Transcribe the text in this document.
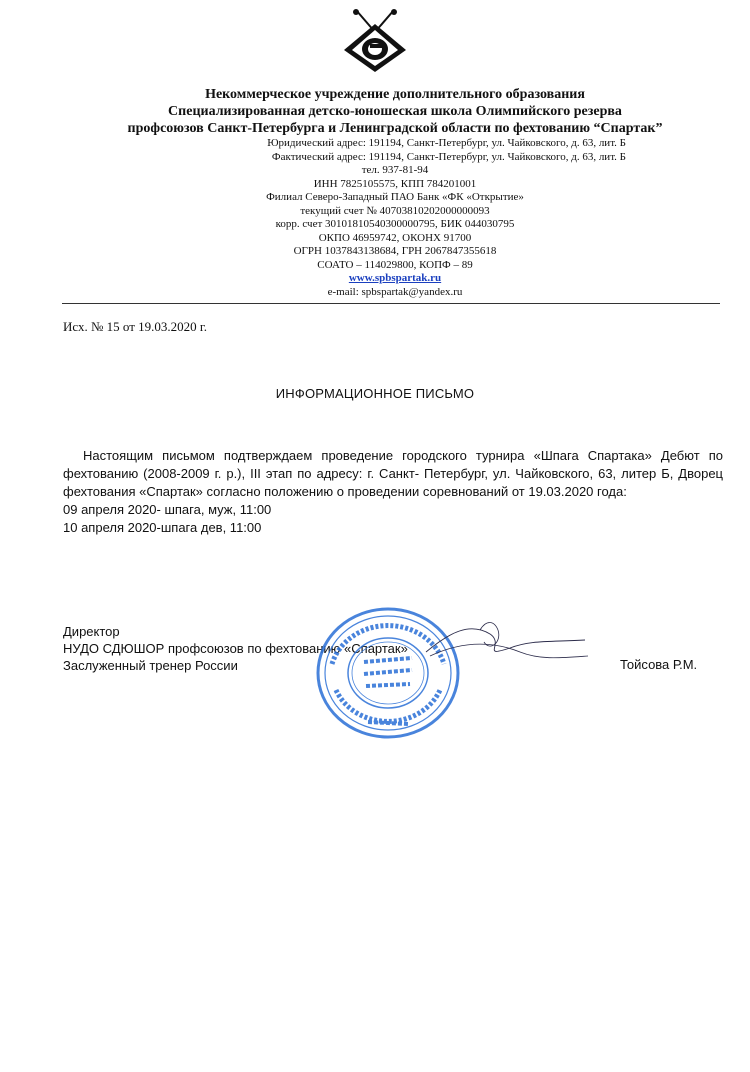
Некоммерческое учреждение дополнительного образования
Специализированная детско-юношеская школа Олимпийского резерва
профсоюзов Санкт-Петербурга и Ленинградской области по фехтованию “Спартак”
Юридический адрес: 191194, Санкт-Петербург, ул. Чайковского, д. 63, лит. Б
Фактический адрес: 191194, Санкт-Петербург, ул. Чайковского, д. 63, лит. Б
тел. 937-81-94
ИНН 7825105575, КПП 784201001
Филиал Северо-Западный ПАО Банк «ФК «Открытие»
текущий счет № 40703810202000000093
корр. счет 30101810540300000795, БИК 044030795
ОКПО 46959742, ОКОНХ 91700
ОГРН 1037843138684, ГРН 2067847355618
СОАТО – 114029800, КОПФ – 89
www.spbspartak.ru
e-mail: spbspartak@yandex.ru
Исх. № 15 от 19.03.2020 г.
ИНФОРМАЦИОННОЕ ПИСЬМО

Настоящим письмом подтверждаем проведение городского турнира «Шпага Спартака» Дебют по фехтованию (2008-2009 г. р.), III этап по адресу: г. Санкт- Петербург, ул. Чайковского, 63, литер Б, Дворец фехтования «Спартак» согласно положению о проведении соревнований от 19.03.2020 года:

09 апреля 2020- шпага, муж, 11:00

10 апреля 2020-шпага дев, 11:00

Директор
НУДО СДЮШОР профсоюзов по фехтованию «Спартак»
Заслуженный тренер России	Тойсова Р.М.
